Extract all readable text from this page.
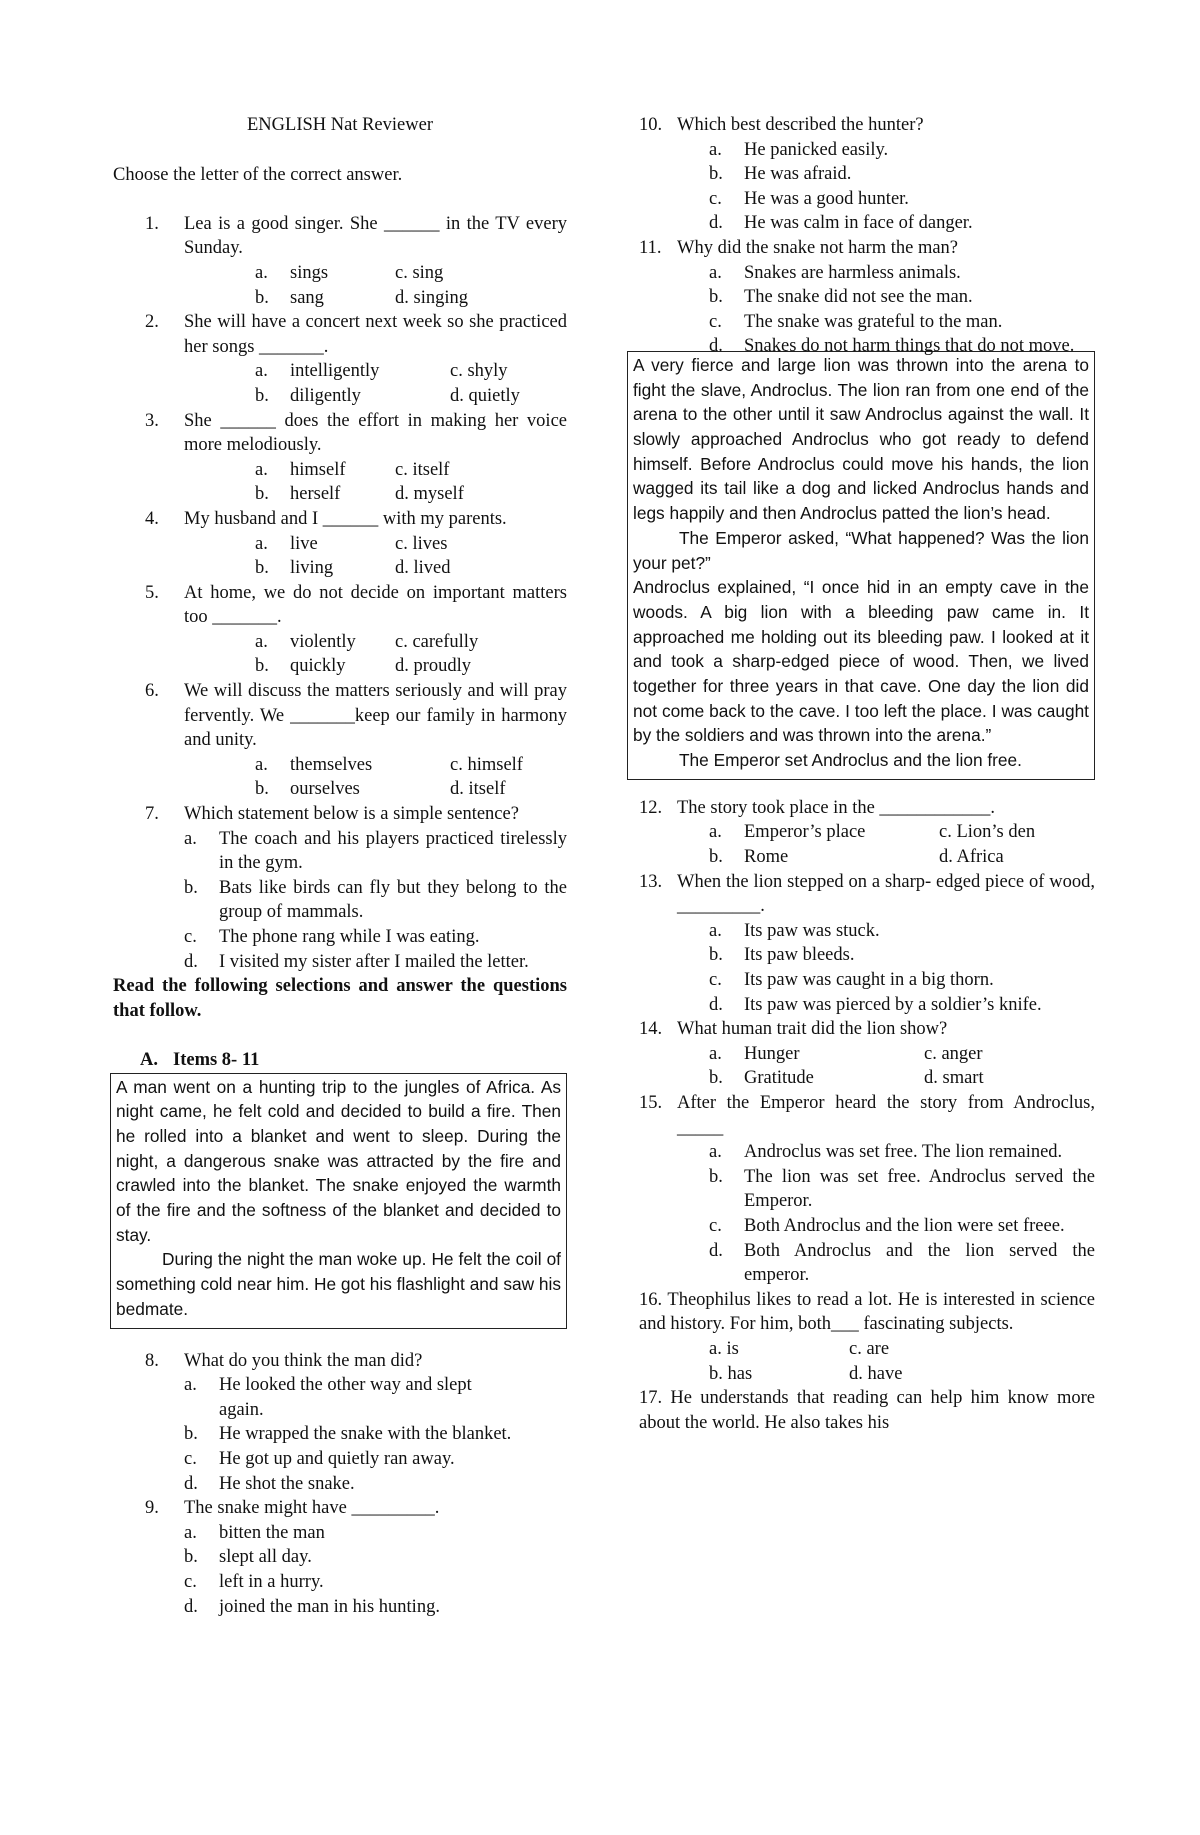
ENGLISH Nat Reviewer
Choose the letter of the correct answer.
1.	Lea is a good singer. She ______ in the TV every Sunday.
a.	sings	c. sing
b.	sang	d. singing
2.	She will have a concert next week so she practiced her songs _______.
a.	intelligently	c. shyly
b.	diligently	d. quietly
3.	She ______ does the effort in making her voice more melodiously.
a.	himself	c. itself
b.	herself	d. myself
4.	My husband and I ______ with my parents.
a.	live	c. lives
b.	living	d. lived
5.	At home, we do not decide on important matters too _______.
a.	violently	c. carefully
b.	quickly	d. proudly
6.	We will discuss the matters seriously and will pray fervently. We _______keep our family in harmony and unity.
a.	themselves	c. himself
b.	ourselves	d. itself
7.	Which statement below is a simple sentence?
a.	The coach and his players practiced tirelessly in the gym.
b.	Bats like birds can fly but they belong to the group of mammals.
c.	The phone rang while I was eating.
d.	I visited my sister after I mailed the letter.
Read the following selections and answer the questions that follow.
A. Items 8- 11

A man went on a hunting trip to the jungles of Africa. As night came, he felt cold and decided to build a fire. Then he rolled into a blanket and went to sleep. During the night, a dangerous snake was attracted by the fire and crawled into the blanket. The snake enjoyed the warmth of the fire and the softness of the blanket and decided to stay.

During the night the man woke up. He felt the coil of something cold near him. He got his flashlight and saw his bedmate.

8.	What do you think the man did?
a.	He looked the other way and slept again.
b.	He wrapped the snake with the blanket.
c.	He got up and quietly ran away.
d.	He shot the snake.
9.	The snake might have _________.
a.	bitten the man
b.	slept all day.
c.	left in a hurry.
d.	joined the man in his hunting.
10. Which best described the hunter?
a.	He panicked easily.
b.	He was afraid.
c.	He was a good hunter.
d.	He was calm in face of danger.
11. Why did the snake not harm the man?
a.	Snakes are harmless animals.
b.	The snake did not see the man.
c.	The snake was grateful to the man.
d.	Snakes do not harm things that do not move.

A very fierce and large lion was thrown into the arena to fight the slave, Androclus. The lion ran from one end of the arena to the other until it saw Androclus against the wall. It slowly approached Androclus who got ready to defend himself. Before Androclus could move his hands, the lion wagged its tail like a dog and licked Androclus hands and legs happily and then Androclus patted the lion’s head.

The Emperor asked, “What happened? Was the lion your pet?”

Androclus explained, “I once hid in an empty cave in the woods. A big lion with a bleeding paw came in. It approached me holding out its bleeding paw. I looked at it and took a sharp-edged piece of wood. Then, we lived together for three years in that cave. One day the lion did not come back to the cave. I too left the place. I was caught by the soldiers and was thrown into the arena.”

The Emperor set Androclus and the lion free.

12. The story took place in the ____________.
a.	Emperor’s place	c. Lion’s den
b.	Rome	d. Africa
13. When the lion stepped on a sharp- edged piece of wood, _________.
a.	Its paw was stuck.
b.	Its paw bleeds.
c.	Its paw was caught in a big thorn.
d.	Its paw was pierced by a soldier’s knife.
14. What human trait did the lion show?
a.	Hunger	c. anger
b.	Gratitude	d. smart
15. After the Emperor heard the story from Androclus, _____
a.	Androclus was set free. The lion remained.
b.	The lion was set free. Androclus served the Emperor.
c.	Both Androclus and the lion were set freee.
d.	Both Androclus and the lion served the emperor.
16. Theophilus likes to read a lot. He is interested in science and history. For him, both___ fascinating subjects.
a. is	c. are
b. has	d. have
17. He understands that reading can help him know more about the world. He also takes his
